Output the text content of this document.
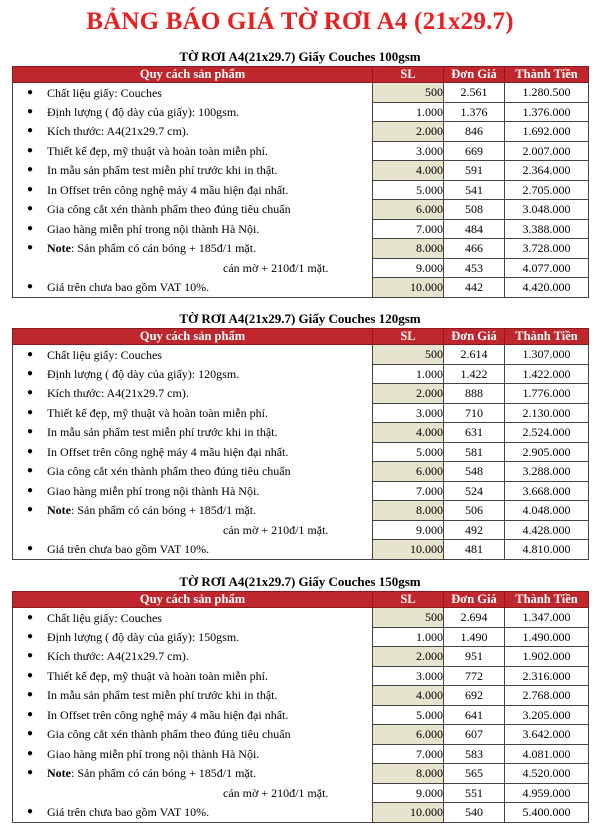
BẢNG BÁO GIÁ TỜ RƠI A4 (21x29.7)
TỜ RƠI A4(21x29.7) Giấy Couches 100gsm
Quy cách sản phẩm	SL	Đơn Giá	Thành Tiền
● Chất liệu giấy: Couches	500	2.561	1.280.500
● Định lượng ( độ dày của giấy): 100gsm.	1.000	1.376	1.376.000
● Kích thước: A4(21x29.7 cm).	2.000	846	1.692.000
● Thiết kế đẹp, mỹ thuật và hoàn toàn miễn phí.	3.000	669	2.007.000
● In mẫu sản phẩm test miễn phí trước khi in thật.	4.000	591	2.364.000
● In Offset trên công nghệ máy 4 mầu hiện đại nhất.	5.000	541	2.705.000
● Gia công cắt xén thành phẩm theo đúng tiêu chuẩn	6.000	508	3.048.000
● Giao hàng miễn phí trong nội thành Hà Nội.	7.000	484	3.388.000
● Note: Sản phẩm có cán bóng + 185đ/1 mặt.	8.000	466	3.728.000
cán mờ + 210đ/1 mặt.	9.000	453	4.077.000
● Giá trên chưa bao gồm VAT 10%.	10.000	442	4.420.000
TỜ RƠI A4(21x29.7) Giấy Couches 120gsm
Quy cách sản phẩm	SL	Đơn Giá	Thành Tiền
● Chất liệu giấy: Couches	500	2.614	1.307.000
● Định lượng ( độ dày của giấy): 120gsm.	1.000	1.422	1.422.000
● Kích thước: A4(21x29.7 cm).	2.000	888	1.776.000
● Thiết kế đẹp, mỹ thuật và hoàn toàn miễn phí.	3.000	710	2.130.000
● In mẫu sản phẩm test miễn phí trước khi in thật.	4.000	631	2.524.000
● In Offset trên công nghệ máy 4 mầu hiện đại nhất.	5.000	581	2.905.000
● Gia công cắt xén thành phẩm theo đúng tiêu chuẩn	6.000	548	3.288.000
● Giao hàng miễn phí trong nội thành Hà Nội.	7.000	524	3.668.000
● Note: Sản phẩm có cán bóng + 185đ/1 mặt.	8.000	506	4.048.000
cán mờ + 210đ/1 mặt.	9.000	492	4.428.000
● Giá trên chưa bao gồm VAT 10%.	10.000	481	4.810.000
TỜ RƠI A4(21x29.7) Giấy Couches 150gsm
Quy cách sản phẩm	SL	Đơn Giá	Thành Tiền
● Chất liệu giấy: Couches	500	2.694	1.347.000
● Định lượng ( độ dày của giấy): 150gsm.	1.000	1.490	1.490.000
● Kích thước: A4(21x29.7 cm).	2.000	951	1.902.000
● Thiết kế đẹp, mỹ thuật và hoàn toàn miễn phí.	3.000	772	2.316.000
● In mẫu sản phẩm test miễn phí trước khi in thật.	4.000	692	2.768.000
● In Offset trên công nghệ máy 4 mầu hiện đại nhất.	5.000	641	3.205.000
● Gia công cắt xén thành phẩm theo đúng tiêu chuẩn	6.000	607	3.642.000
● Giao hàng miễn phí trong nội thành Hà Nội.	7.000	583	4.081.000
● Note: Sản phẩm có cán bóng + 185đ/1 mặt.	8.000	565	4.520.000
cán mờ + 210đ/1 mặt.	9.000	551	4.959.000
● Giá trên chưa bao gồm VAT 10%.	10.000	540	5.400.000
